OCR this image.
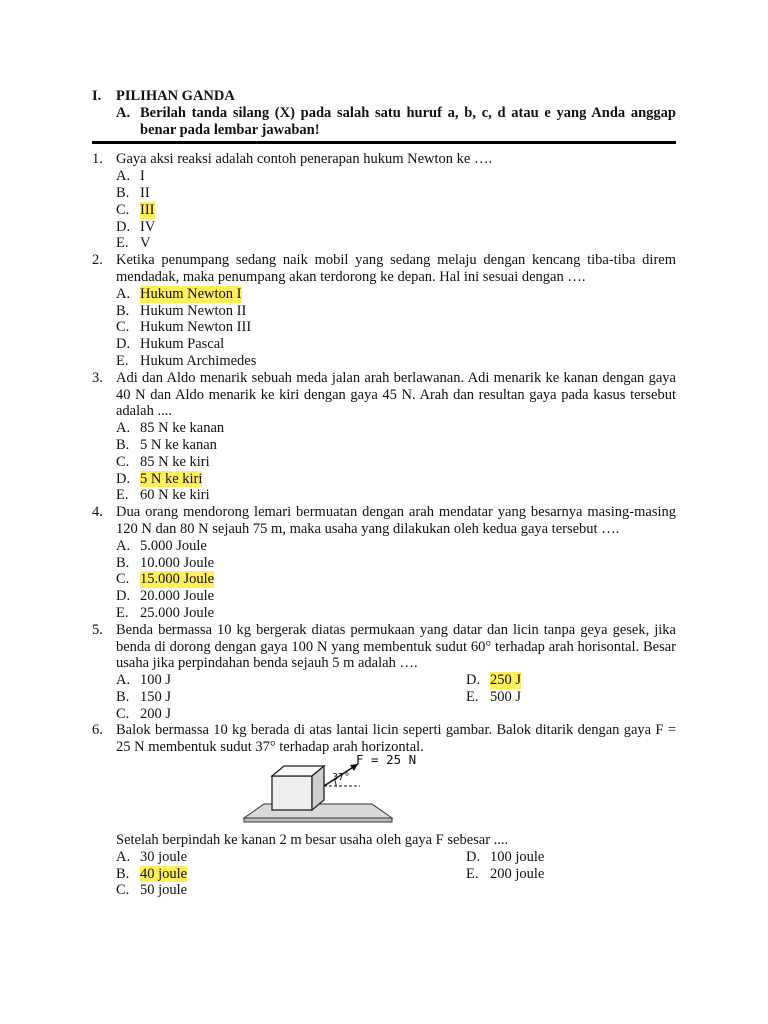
I. PILIHAN GANDA
A. Berilah tanda silang (X) pada salah satu huruf a, b, c, d atau e yang Anda anggap benar pada lembar jawaban!
1. Gaya aksi reaksi adalah contoh penerapan hukum Newton ke ….
A. I
B. II
C. III
D. IV
E. V
2. Ketika penumpang sedang naik mobil yang sedang melaju dengan kencang tiba-tiba direm mendadak, maka penumpang akan terdorong ke depan. Hal ini sesuai dengan ….
A. Hukum Newton I
B. Hukum Newton II
C. Hukum Newton III
D. Hukum Pascal
E. Hukum Archimedes
3. Adi dan Aldo menarik sebuah meda jalan arah berlawanan. Adi menarik ke kanan dengan gaya 40 N dan Aldo menarik ke kiri dengan gaya 45 N. Arah dan resultan gaya pada kasus tersebut adalah ....
A. 85 N ke kanan
B. 5 N ke kanan
C. 85 N ke kiri
D. 5 N ke kiri
E. 60 N ke kiri
4. Dua orang mendorong lemari bermuatan dengan arah mendatar yang besarnya masing-masing 120 N dan 80 N sejauh 75 m, maka usaha yang dilakukan oleh kedua gaya tersebut ….
A. 5.000 Joule
B. 10.000 Joule
C. 15.000 Joule
D. 20.000 Joule
E. 25.000 Joule
5. Benda bermassa 10 kg bergerak diatas permukaan yang datar dan licin tanpa geya gesek, jika benda di dorong dengan gaya 100 N yang membentuk sudut 60° terhadap arah horisontal. Besar usaha jika perpindahan benda sejauh 5 m adalah ….
A. 100 J
B. 150 J
C. 200 J
D. 250 J
E. 500 J
6. Balok bermassa 10 kg berada di atas lantai licin seperti gambar. Balok ditarik dengan gaya F = 25 N membentuk sudut 37° terhadap arah horizontal.
F = 25 N
37°
Setelah berpindah ke kanan 2 m besar usaha oleh gaya F sebesar ....
A. 30 joule
B. 40 joule
C. 50 joule
D. 100 joule
E. 200 joule
